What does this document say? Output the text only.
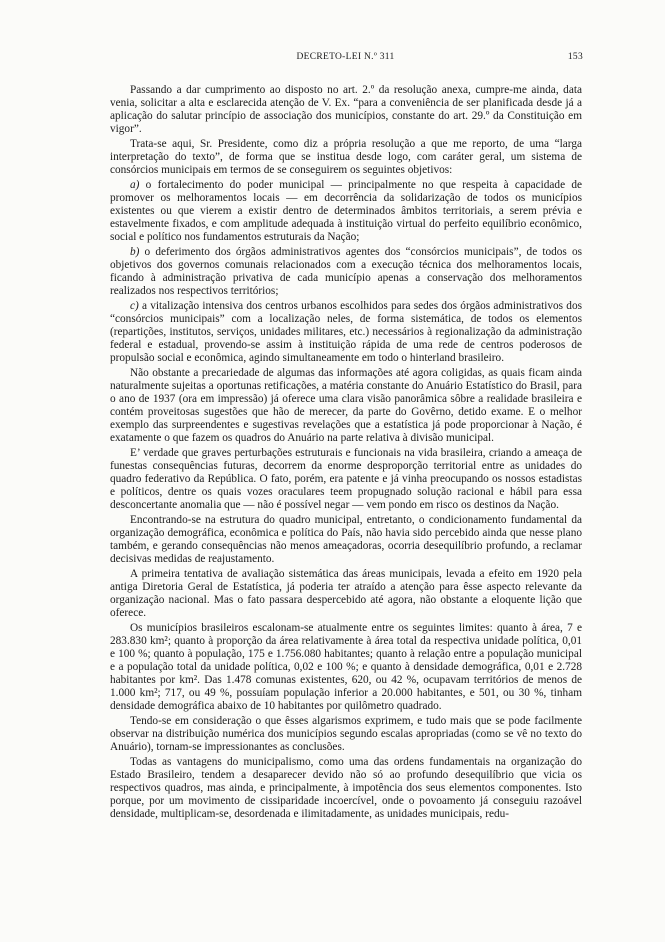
DECRETO-LEI N.º 311	153

Passando a dar cumprimento ao disposto no art. 2.º da resolução anexa, cumpre-me ainda, data venia, solicitar a alta e esclarecida atenção de V. Ex. “para a conveniência de ser planificada desde já a aplicação do salutar princípio de associação dos municípios, constante do art. 29.º da Constituição em vigor”.

Trata-se aqui, Sr. Presidente, como diz a própria resolução a que me reporto, de uma “larga interpretação do texto”, de forma que se institua desde logo, com caráter geral, um sistema de consórcios municipais em termos de se conseguirem os seguintes objetivos:

a) o fortalecimento do poder municipal — principalmente no que respeita à capacidade de promover os melhoramentos locais — em decorrência da solidarização de todos os municípios existentes ou que vierem a existir dentro de determinados âmbitos territoriais, a serem prévia e estavelmente fixados, e com amplitude adequada à instituição virtual do perfeito equilíbrio econômico, social e político nos fundamentos estruturais da Nação;

b) o deferimento dos órgãos administrativos agentes dos “consórcios municipais”, de todos os objetivos dos governos comunais relacionados com a execução técnica dos melhoramentos locais, ficando à administração privativa de cada município apenas a conservação dos melhoramentos realizados nos respectivos territórios;

c) a vitalização intensiva dos centros urbanos escolhidos para sedes dos órgãos administrativos dos “consórcios municipais” com a localização neles, de forma sistemática, de todos os elementos (repartições, institutos, serviços, unidades militares, etc.) necessários à regionalização da administração federal e estadual, provendo-se assim à instituição rápida de uma rede de centros poderosos de propulsão social e econômica, agindo simultaneamente em todo o hinterland brasileiro.

Não obstante a precariedade de algumas das informações até agora coligidas, as quais ficam ainda naturalmente sujeitas a oportunas retificações, a matéria constante do Anuário Estatístico do Brasil, para o ano de 1937 (ora em impressão) já oferece uma clara visão panorâmica sôbre a realidade brasileira e contém proveitosas sugestões que hão de merecer, da parte do Govêrno, detido exame. E o melhor exemplo das surpreendentes e sugestivas revelações que a estatística já pode proporcionar à Nação, é exatamente o que fazem os quadros do Anuário na parte relativa à divisão municipal.

E’ verdade que graves perturbações estruturais e funcionais na vida brasileira, criando a ameaça de funestas consequências futuras, decorrem da enorme desproporção territorial entre as unidades do quadro federativo da República. O fato, porém, era patente e já vinha preocupando os nossos estadistas e políticos, dentre os quais vozes oraculares teem propugnado solução racional e hábil para essa desconcertante anomalia que — não é possível negar — vem pondo em risco os destinos da Nação.

Encontrando-se na estrutura do quadro municipal, entretanto, o condicionamento fundamental da organização demográfica, econômica e política do País, não havia sido percebido ainda que nesse plano também, e gerando consequências não menos ameaçadoras, ocorria desequilíbrio profundo, a reclamar decisivas medidas de reajustamento.

A primeira tentativa de avaliação sistemática das áreas municipais, levada a efeito em 1920 pela antiga Diretoria Geral de Estatística, já poderia ter atraído a atenção para êsse aspecto relevante da organização nacional. Mas o fato passara despercebido até agora, não obstante a eloquente lição que oferece.

Os municípios brasileiros escalonam-se atualmente entre os seguintes limites: quanto à área, 7 e 283.830 km²; quanto à proporção da área relativamente à área total da respectiva unidade política, 0,01 e 100 %; quanto à população, 175 e 1.756.080 habitantes; quanto à relação entre a população municipal e a população total da unidade política, 0,02 e 100 %; e quanto à densidade demográfica, 0,01 e 2.728 habitantes por km². Das 1.478 comunas existentes, 620, ou 42 %, ocupavam territórios de menos de 1.000 km²; 717, ou 49 %, possuíam população inferior a 20.000 habitantes, e 501, ou 30 %, tinham densidade demográfica abaixo de 10 habitantes por quilômetro quadrado.

Tendo-se em consideração o que êsses algarismos exprimem, e tudo mais que se pode facilmente observar na distribuição numérica dos municípios segundo escalas apropriadas (como se vê no texto do Anuário), tornam-se impressionantes as conclusões.

Todas as vantagens do municipalismo, como uma das ordens fundamentais na organização do Estado Brasileiro, tendem a desaparecer devido não só ao profundo desequilíbrio que vicia os respectivos quadros, mas ainda, e principalmente, à impotência dos seus elementos componentes. Isto porque, por um movimento de cissiparidade incoercível, onde o povoamento já conseguiu razoável densidade, multiplicam-se, desordenada e ilimitadamente, as unidades municipais, redu-
